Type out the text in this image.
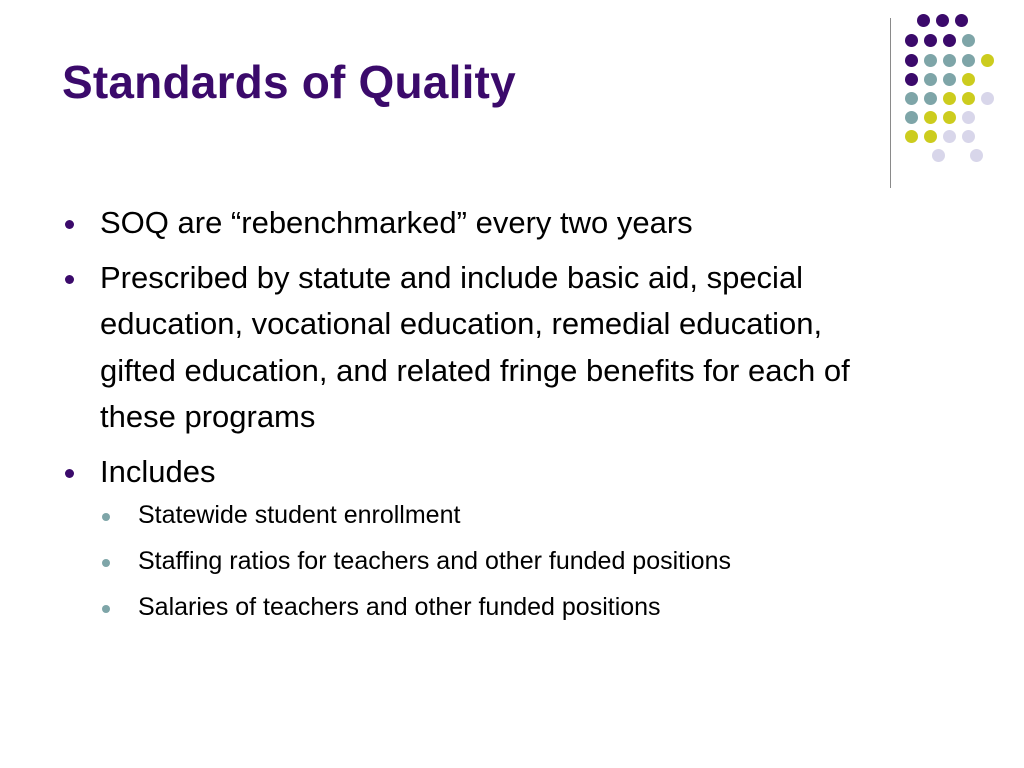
Standards of Quality
SOQ are “rebenchmarked” every two years
Prescribed by statute and include basic aid, special education, vocational education, remedial education, gifted education, and related fringe benefits for each of these programs
Includes
Statewide student enrollment
Staffing ratios for teachers and other funded positions
Salaries of teachers and other funded positions
